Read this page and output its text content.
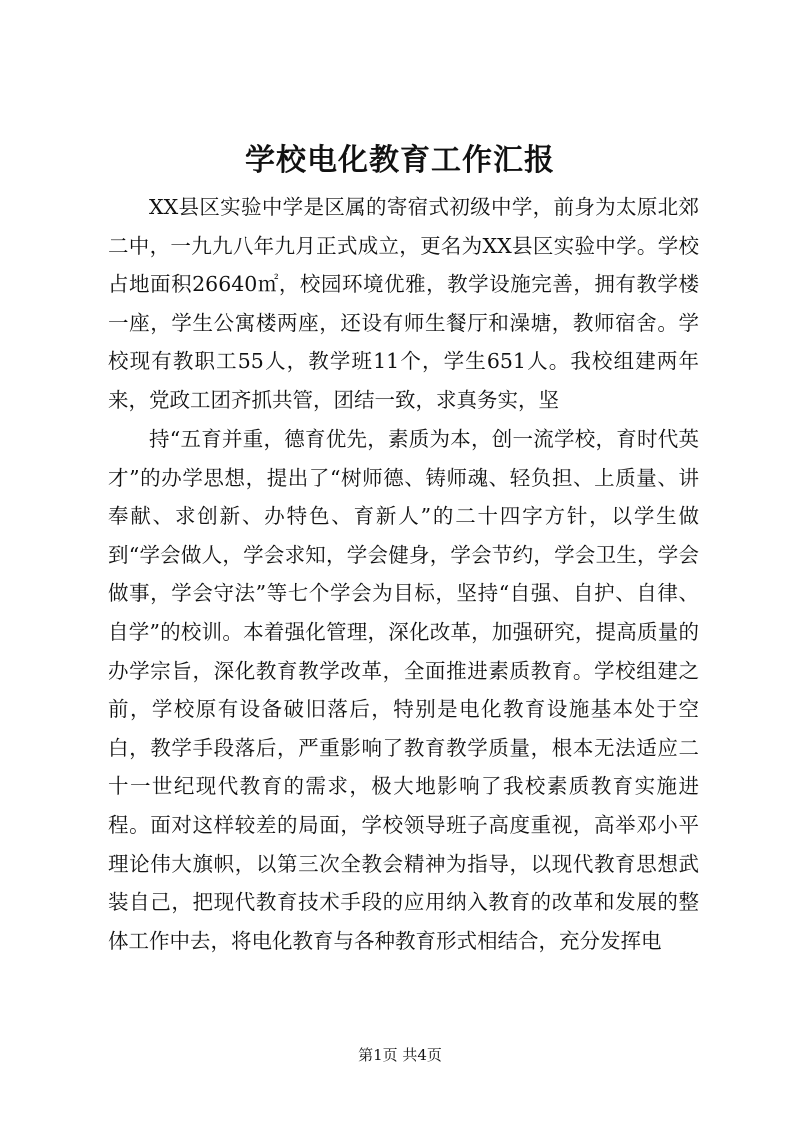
学校电化教育工作汇报

XX县区实验中学是区属的寄宿式初级中学，前身为太原北郊二中，一九九八年九月正式成立，更名为XX县区实验中学。学校占地面积26640㎡，校园环境优雅，教学设施完善，拥有教学楼一座，学生公寓楼两座，还设有师生餐厅和澡塘，教师宿舍。学校现有教职工55人，教学班11个，学生651人。我校组建两年来，党政工团齐抓共管，团结一致，求真务实，坚

持“五育并重，德育优先，素质为本，创一流学校，育时代英才”的办学思想，提出了“树师德、铸师魂、轻负担、上质量、讲奉献、求创新、办特色、育新人”的二十四字方针，以学生做到“学会做人，学会求知，学会健身，学会节约，学会卫生，学会做事，学会守法”等七个学会为目标，坚持“自强、自护、自律、自学”的校训。本着强化管理，深化改革，加强研究，提高质量的办学宗旨，深化教育教学改革，全面推进素质教育。学校组建之前，学校原有设备破旧落后，特别是电化教育设施基本处于空白，教学手段落后，严重影响了教育教学质量，根本无法适应二十一世纪现代教育的需求，极大地影响了我校素质教育实施进程。面对这样较差的局面，学校领导班子高度重视，高举邓小平理论伟大旗帜，以第三次全教会精神为指导，以现代教育思想武装自己，把现代教育技术手段的应用纳入教育的改革和发展的整体工作中去，将电化教育与各种教育形式相结合，充分发挥电

第1页 共4页
